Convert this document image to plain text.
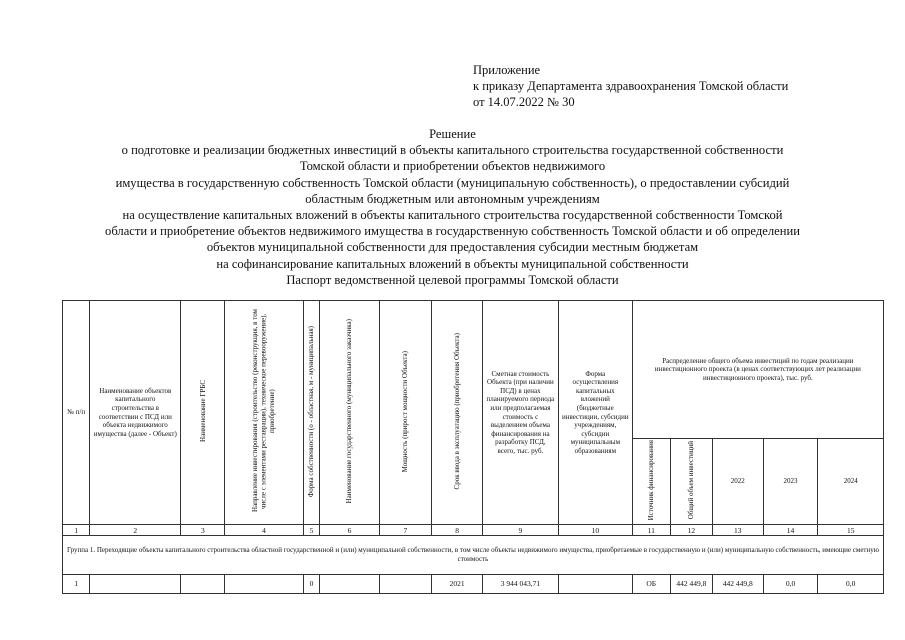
Приложение
к приказу Департамента здравоохранения Томской области
от 14.07.2022 № 30
Решение
о подготовке и реализации бюджетных инвестиций в объекты капитального строительства государственной собственности
Томской области и приобретении объектов недвижимого
имущества в государственную собственность Томской области (муниципальную собственность), о предоставлении субсидий
областным бюджетным или автономным учреждениям
на осуществление капитальных вложений в объекты капитального строительства государственной собственности Томской
области и приобретение объектов недвижимого имущества в государственную собственность Томской области и об определении
объектов муниципальной собственности для предоставления субсидии местным бюджетам
на софинансирование капитальных вложений в объекты муниципальной собственности
Паспорт ведомственной целевой программы Томской области
№ п/п	Наименование объектов капитального строительства в соответствии с ПСД или объекта недвижимого имущества (далее - Объект)	Наименование ГРБС	Направление инвестирования (строительство (реконструкция, в том числе с элементами реставрации), техническое перевооружение), приобретение)	Форма собственности (о - областная, м - муниципальная)	Наименование государственного (муниципального заказчика)	Мощность (прирост мощности Объекта)	Срок ввода в эксплуатацию (приобретения Объекта)	Сметная стоимость Объекта (при наличии ПСД) в ценах планируемого периода или предполагаемая стоимость с выделением объема финансирования на разработку ПСД, всего, тыс. руб.	Форма осуществления капитальных вложений (бюджетные инвестиции, субсидии учреждениям, субсидии муниципальным образованиям	Распределение общего объема инвестиций по годам реализации инвестиционного проекта (в ценах соответствующих лет реализации инвестиционного проекта), тыс. руб.				
										Источник финансирования	Общий объем инвестиций	2022	2023	2024
1	2	3	4	5	6	7	8	9	10	11	12	13	14	15
Группа 1. Переходящие объекты капитального строительства областной государственной и (или) муниципальной собственности, в том числе объекты недвижимого имущества, приобретаемые в государственную и (или) муниципальную собственность, имеющие сметную стоимость														
1				0			2021	3 944 043,71		ОБ	442 449,8	442 449,8	0,0	0,0
